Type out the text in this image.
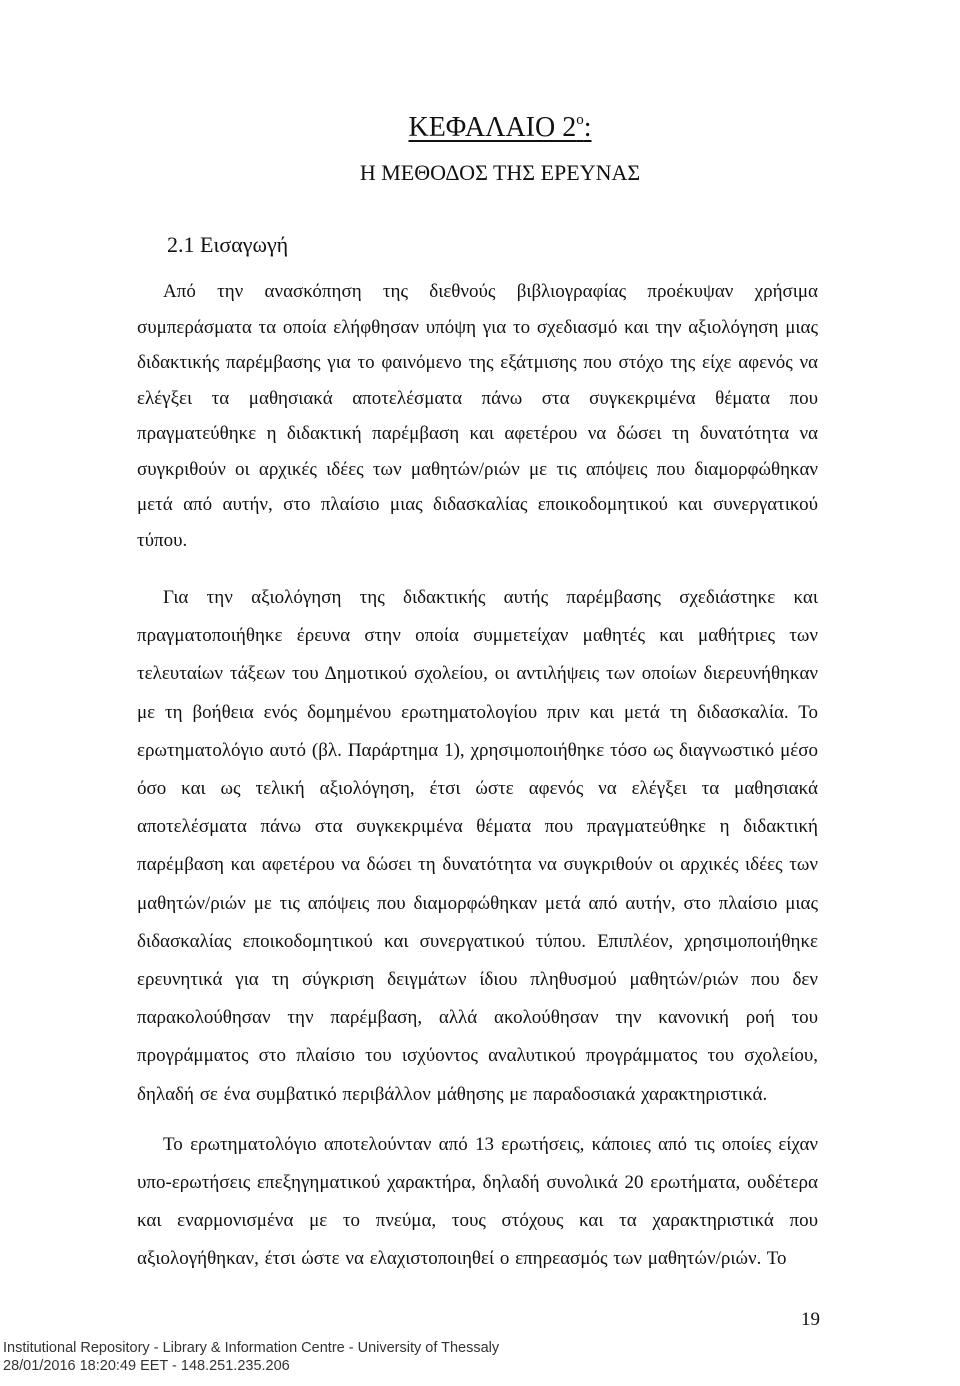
ΚΕΦΑΛΑΙΟ $2^o$:
Η ΜΕΘΟΔΟΣ ΤΗΣ ΕΡΕΥΝΑΣ
2.1 Εισαγωγή

Από την ανασκόπηση της διεθνούς βιβλιογραφίας προέκυψαν χρήσιμα συμπεράσματα τα οποία ελήφθησαν υπόψη για το σχεδιασμό και την αξιολόγηση μιας διδακτικής παρέμβασης για το φαινόμενο της εξάτμισης που στόχο της είχε αφενός να ελέγξει τα μαθησιακά αποτελέσματα πάνω στα συγκεκριμένα θέματα που πραγματεύθηκε η διδακτική παρέμβαση και αφετέρου να δώσει τη δυνατότητα να συγκριθούν οι αρχικές ιδέες των μαθητών/ριών με τις απόψεις που διαμορφώθηκαν μετά από αυτήν, στο πλαίσιο μιας διδασκαλίας εποικοδομητικού και συνεργατικού τύπου.

Για την αξιολόγηση της διδακτικής αυτής παρέμβασης σχεδιάστηκε και πραγματοποιήθηκε έρευνα στην οποία συμμετείχαν μαθητές και μαθήτριες των τελευταίων τάξεων του Δημοτικού σχολείου, οι αντιλήψεις των οποίων διερευνήθηκαν με τη βοήθεια ενός δομημένου ερωτηματολογίου πριν και μετά τη διδασκαλία. Το ερωτηματολόγιο αυτό (βλ. Παράρτημα 1), χρησιμοποιήθηκε τόσο ως διαγνωστικό μέσο όσο και ως τελική αξιολόγηση, έτσι ώστε αφενός να ελέγξει τα μαθησιακά αποτελέσματα πάνω στα συγκεκριμένα θέματα που πραγματεύθηκε η διδακτική παρέμβαση και αφετέρου να δώσει τη δυνατότητα να συγκριθούν οι αρχικές ιδέες των μαθητών/ριών με τις απόψεις που διαμορφώθηκαν μετά από αυτήν, στο πλαίσιο μιας διδασκαλίας εποικοδομητικού και συνεργατικού τύπου. Επιπλέον, χρησιμοποιήθηκε ερευνητικά για τη σύγκριση δειγμάτων ίδιου πληθυσμού μαθητών/ριών που δεν παρακολούθησαν την παρέμβαση, αλλά ακολούθησαν την κανονική ροή του προγράμματος στο πλαίσιο του ισχύοντος αναλυτικού προγράμματος του σχολείου, δηλαδή σε ένα συμβατικό περιβάλλον μάθησης με παραδοσιακά χαρακτηριστικά.

Το ερωτηματολόγιο αποτελούνταν από 13 ερωτήσεις, κάποιες από τις οποίες είχαν υπο-ερωτήσεις επεξηγηματικού χαρακτήρα, δηλαδή συνολικά 20 ερωτήματα, ουδέτερα και εναρμονισμένα με το πνεύμα, τους στόχους και τα χαρακτηριστικά που αξιολογήθηκαν, έτσι ώστε να ελαχιστοποιηθεί ο επηρεασμός των μαθητών/ριών. Το

19
Institutional Repository - Library & Information Centre - University of Thessaly
28/01/2016 18:20:49 EET - 148.251.235.206
